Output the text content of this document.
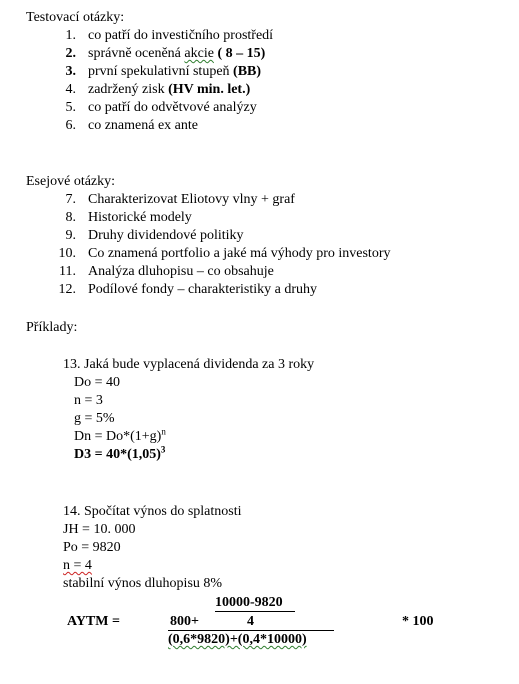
Testovací otázky:
1. co patří do investičního prostředí
2. správně oceněná akcie ( 8 – 15)
3. první spekulativní stupeň (BB)
4. zadržený zisk (HV min. let.)
5. co patří do odvětvové analýzy
6. co znamená ex ante
Esejové otázky:
7. Charakterizovat Eliotovy vlny + graf
8. Historické modely
9. Druhy dividendové politiky
10. Co znamená portfolio a jaké má výhody pro investory
11. Analýza dluhopisu – co obsahuje
12. Podílové fondy – charakteristiky a druhy
Příklady:
13. Jaká bude vyplacená dividenda za 3 roky
Do = 40
n = 3
g = 5%
$Dn = Do*(1+g)^n$
$D3 = 40*(1,05)^3$
14. Spočítat výnos do splatnosti
JH = 10. 000
Po = 9820
n = 4
stabilní výnos dluhopisu 8%
10000-9820
AYTM =	800+	4	* 100
(0,6*9820)+(0,4*10000)
